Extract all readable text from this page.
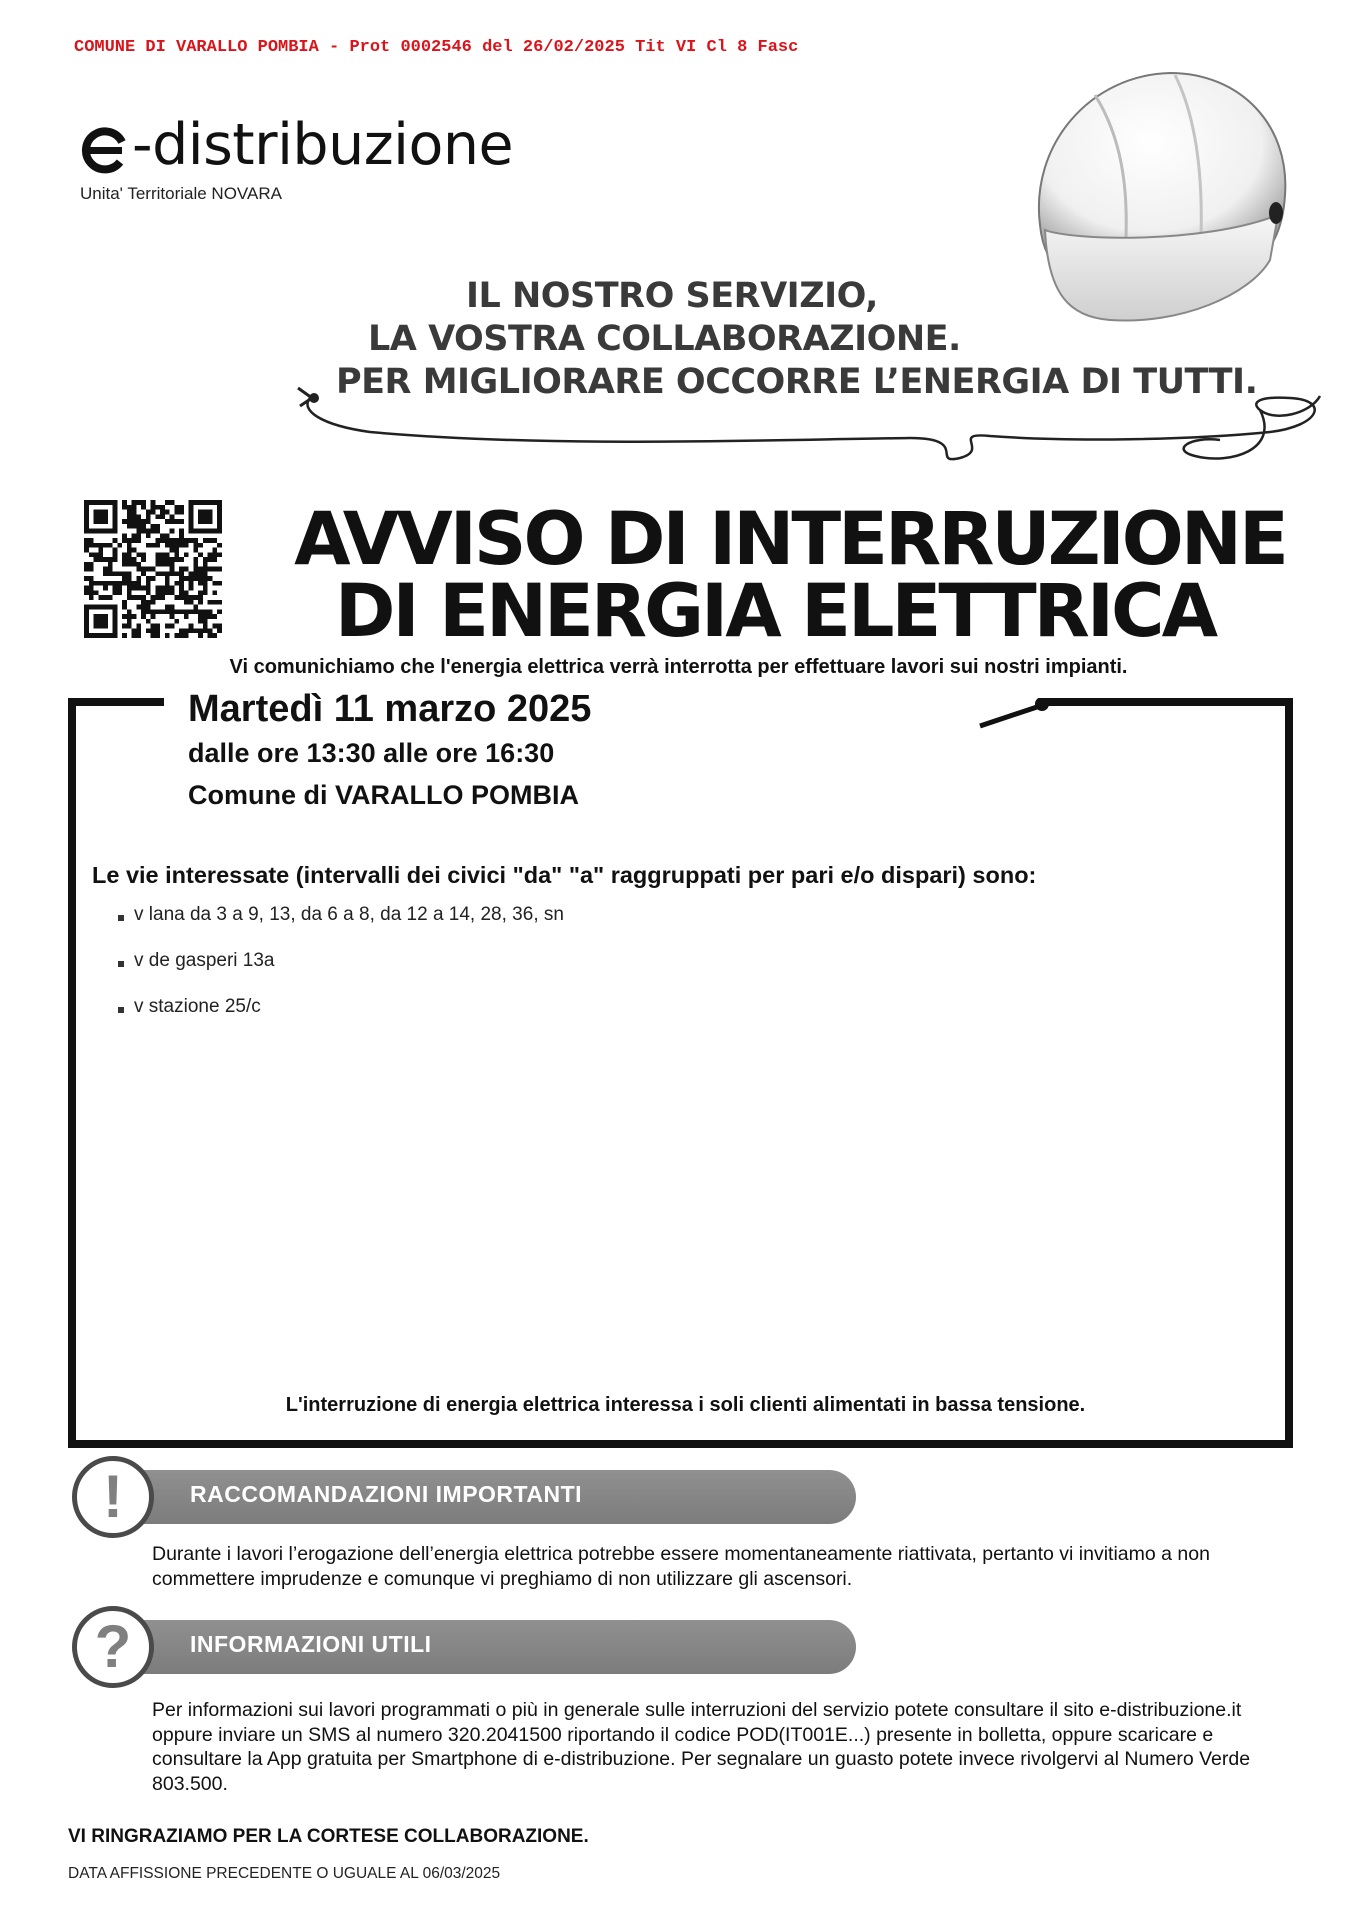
COMUNE DI VARALLO POMBIA - Prot 0002546 del 26/02/2025 Tit VI Cl 8 Fasc
-distribuzione
Unita' Territoriale NOVARA
IL NOSTRO SERVIZIO,
LA VOSTRA COLLABORAZIONE.
PER MIGLIORARE OCCORRE L’ENERGIA DI TUTTI.
AVVISO DI INTERRUZIONE
DI ENERGIA ELETTRICA
Vi comunichiamo che l'energia elettrica verrà interrotta per effettuare lavori sui nostri impianti.
Martedì 11 marzo 2025
dalle ore 13:30 alle ore 16:30
Comune di VARALLO POMBIA
Le vie interessate (intervalli dei civici "da" "a" raggruppati per pari e/o dispari) sono:
v lana da 3 a 9, 13, da 6 a 8, da 12 a 14, 28, 36, sn
v de gasperi 13a
v stazione 25/c
L'interruzione di energia elettrica interessa i soli clienti alimentati in bassa tensione.
RACCOMANDAZIONI IMPORTANTI
!
Durante i lavori l’erogazione dell’energia elettrica potrebbe essere momentaneamente riattivata, pertanto vi invitiamo a non commettere imprudenze e comunque vi preghiamo di non utilizzare gli ascensori.
INFORMAZIONI UTILI
?
Per informazioni sui lavori programmati o più in generale sulle interruzioni del servizio potete consultare il sito e-distribuzione.it oppure inviare un SMS al numero 320.2041500 riportando il codice POD(IT001E...) presente in bolletta, oppure scaricare e consultare la App gratuita per Smartphone di e-distribuzione. Per segnalare un guasto potete invece rivolgervi al Numero Verde 803.500.
VI RINGRAZIAMO PER LA CORTESE COLLABORAZIONE.
DATA AFFISSIONE PRECEDENTE O UGUALE AL 06/03/2025
